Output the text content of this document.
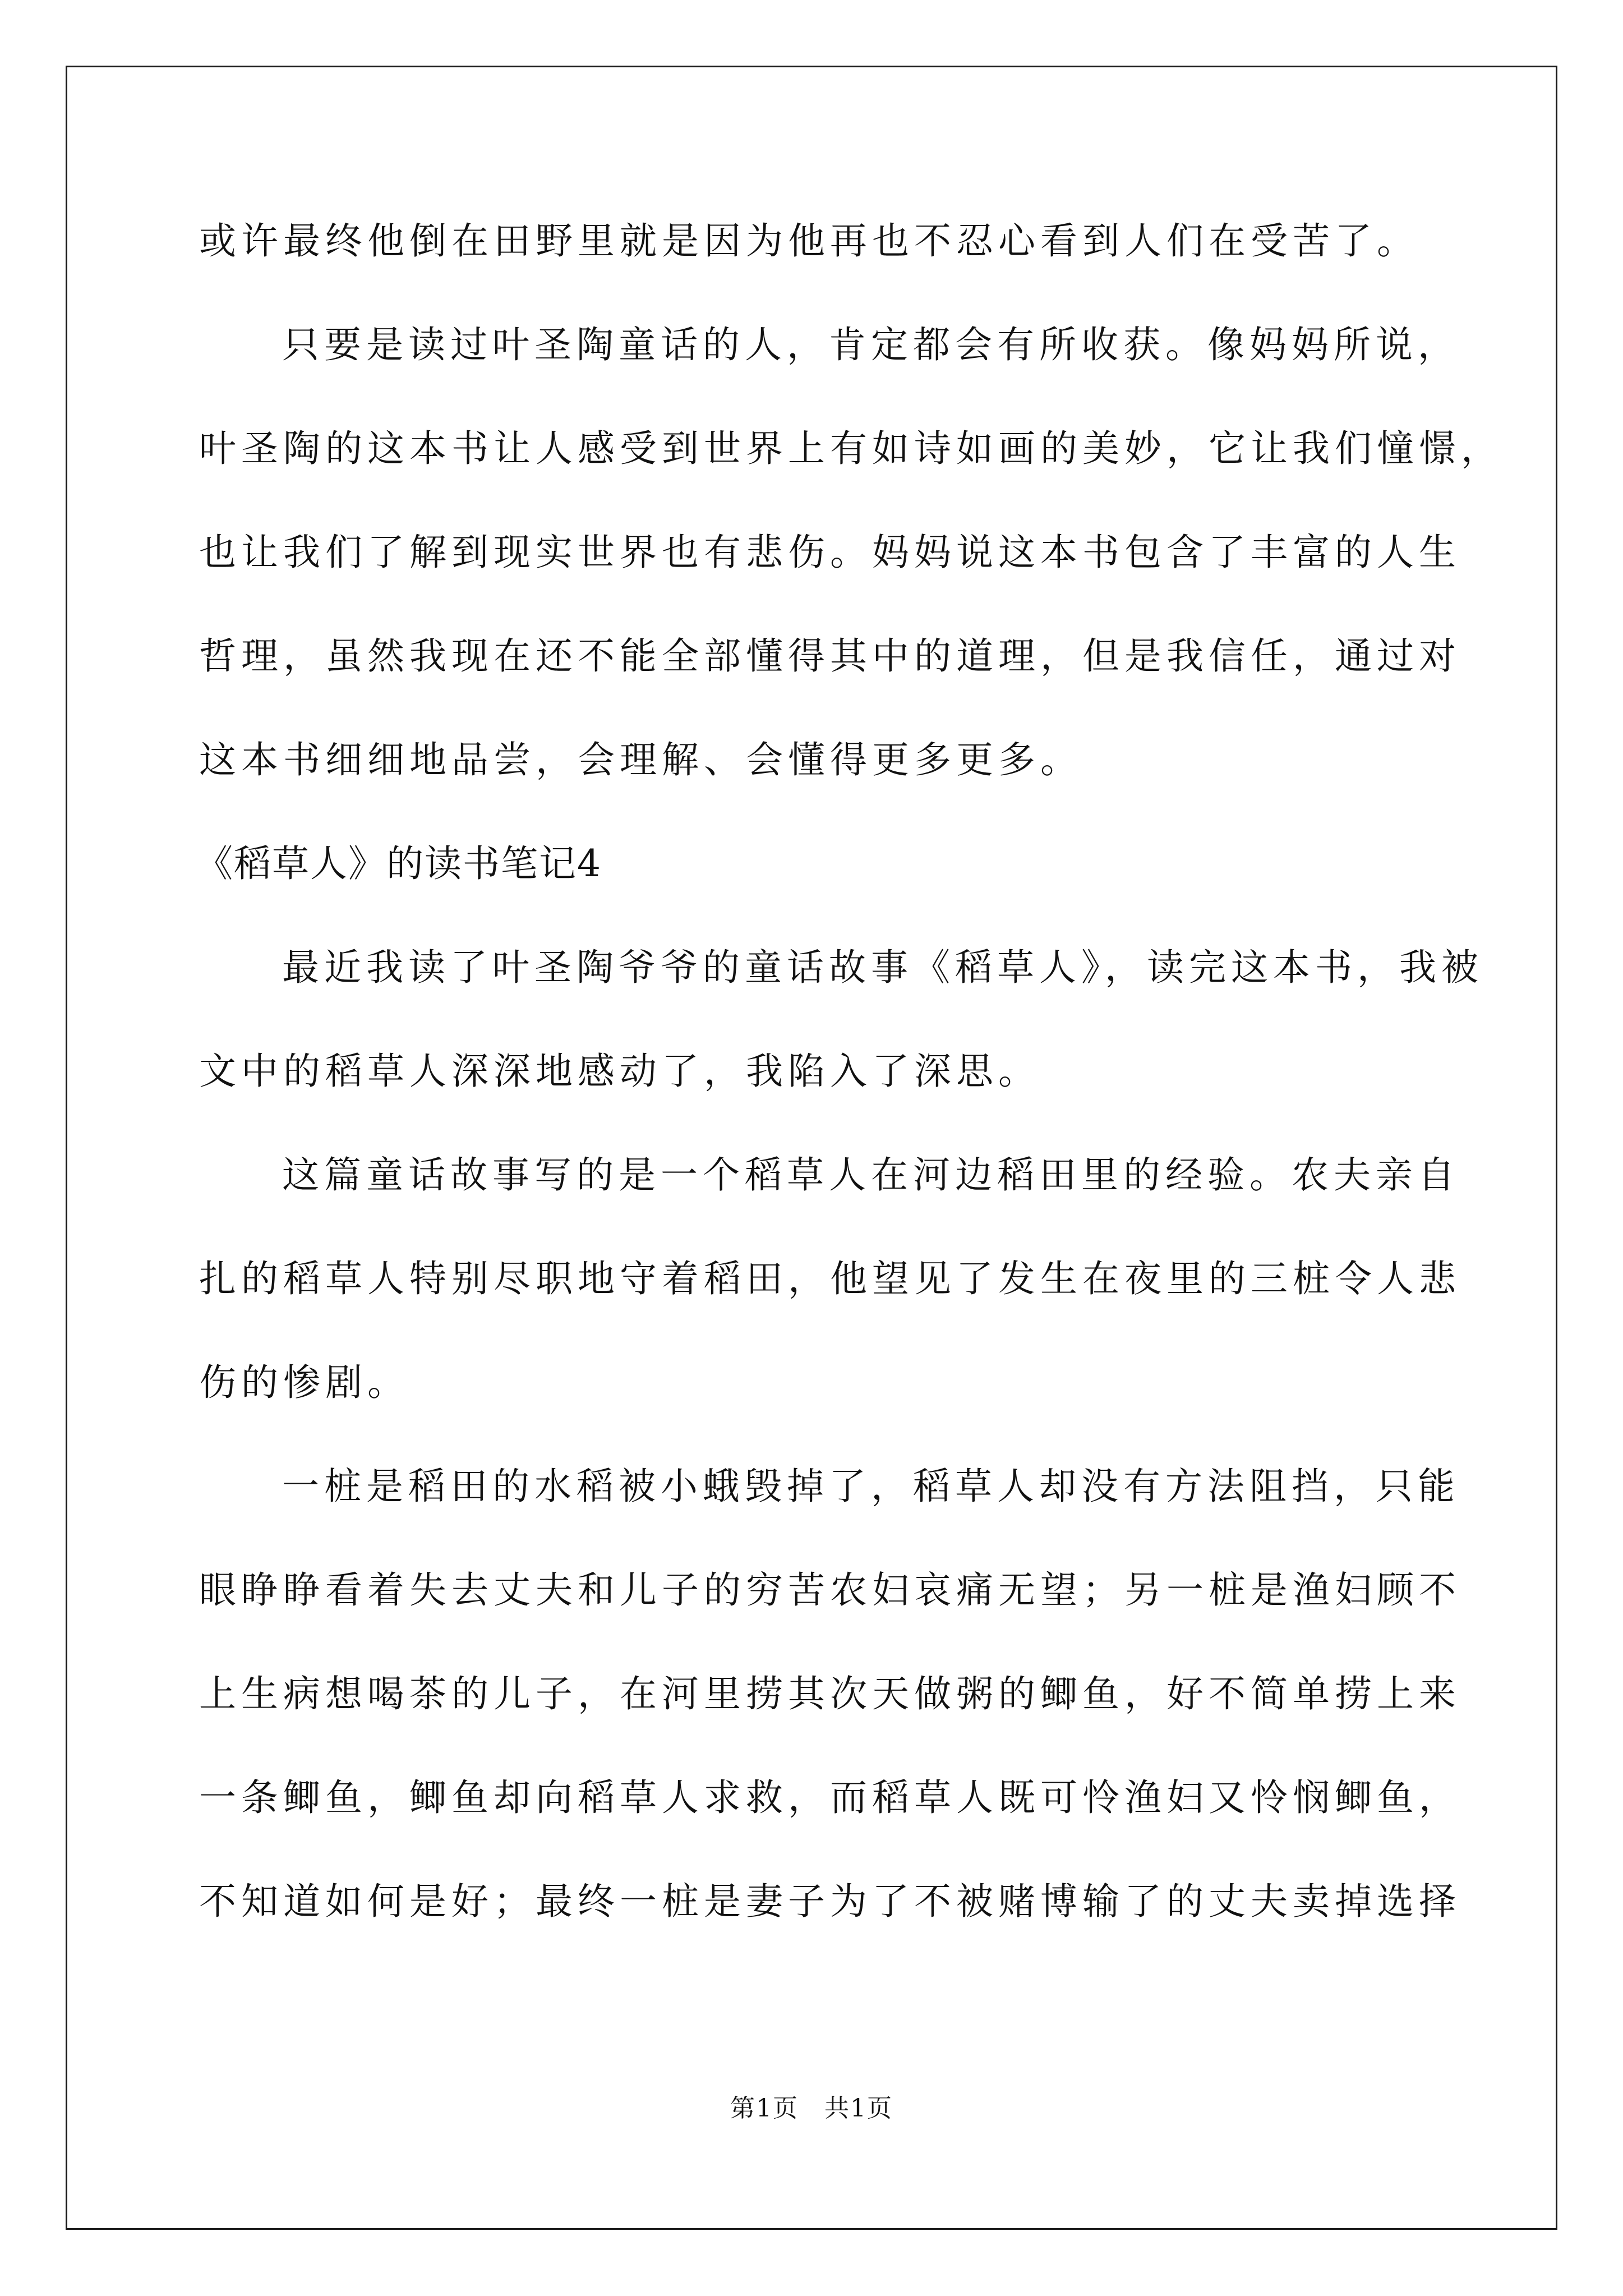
或许最终他倒在田野里就是因为他再也不忍心看到人们在受苦了。
只要是读过叶圣陶童话的人，肯定都会有所收获。像妈妈所说，
叶圣陶的这本书让人感受到世界上有如诗如画的美妙，它让我们憧憬，
也让我们了解到现实世界也有悲伤。妈妈说这本书包含了丰富的人生
哲理，虽然我现在还不能全部懂得其中的道理，但是我信任，通过对
这本书细细地品尝，会理解、会懂得更多更多。
《稻草人》的读书笔记4
最近我读了叶圣陶爷爷的童话故事《稻草人》，读完这本书，我被
文中的稻草人深深地感动了，我陷入了深思。
这篇童话故事写的是一个稻草人在河边稻田里的经验。农夫亲自
扎的稻草人特别尽职地守着稻田，他望见了发生在夜里的三桩令人悲
伤的惨剧。
一桩是稻田的水稻被小蛾毁掉了，稻草人却没有方法阻挡，只能
眼睁睁看着失去丈夫和儿子的穷苦农妇哀痛无望；另一桩是渔妇顾不
上生病想喝茶的儿子，在河里捞其次天做粥的鲫鱼，好不简单捞上来
一条鲫鱼，鲫鱼却向稻草人求救，而稻草人既可怜渔妇又怜悯鲫鱼，
不知道如何是好；最终一桩是妻子为了不被赌博输了的丈夫卖掉选择
第1页　共1页
